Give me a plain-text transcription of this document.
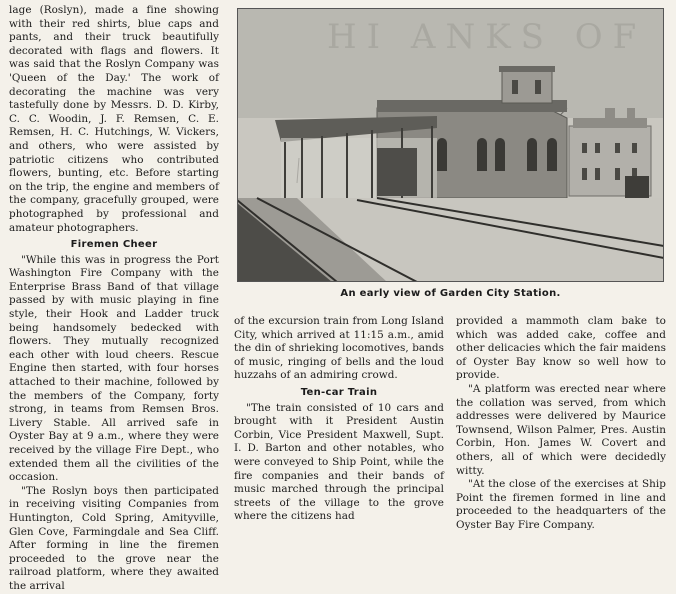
lage (Roslyn), made a fine showing with their red shirts, blue caps and pants, and their truck beautifully decorated with flags and flowers. It was said that the Roslyn Company was 'Queen of the Day.' The work of decorating the machine was very tastefully done by Messrs. D. D. Kirby, C. C. Woodin, J. F. Remsen, C. E. Remsen, H. C. Hutchings, W. Vickers, and others, who were assisted by patriotic citizens who contributed flowers, bunting, etc. Before starting on the trip, the engine and members of the company, gracefully grouped, were photographed by professional and amateur photographers.

Firemen Cheer

"While this was in progress the Port Washington Fire Company with the Enterprise Brass Band of that village passed by with music playing in fine style, their Hook and Ladder truck being handsomely bedecked with flowers. They mutually recognized each other with loud cheers. Rescue Engine then started, with four horses attached to their machine, followed by the members of the Company, forty strong, in teams from Remsen Bros. Livery Stable. All arrived safe in Oyster Bay at 9 a.m., where they were received by the village Fire Dept., who extended them all the civilities of the occasion.

"The Roslyn boys then participated in receiving visiting Companies from Huntington, Cold Spring, Amityville, Glen Cove, Farmingdale and Sea Cliff. After forming in line the firemen proceeded to the grove near the railroad platform, where they awaited the arrival

HI ANKS OF
An early view of Garden City Station.

of the excursion train from Long Island City, which arrived at 11:15 a.m., amid the din of shrieking locomotives, bands of music, ringing of bells and the loud huzzahs of an admiring crowd.

Ten-car Train

"The train consisted of 10 cars and brought with it President Austin Corbin, Vice President Maxwell, Supt. I. D. Barton and other notables, who were conveyed to Ship Point, while the fire companies and their bands of music marched through the principal streets of the village to the grove where the citizens had

provided a mammoth clam bake to which was added cake, coffee and other delicacies which the fair maidens of Oyster Bay know so well how to provide.

"A platform was erected near where the collation was served, from which addresses were delivered by Maurice Townsend, Wilson Palmer, Pres. Austin Corbin, Hon. James W. Covert and others, all of which were decidedly witty.

"At the close of the exercises at Ship Point the firemen formed in line and proceeded to the headquarters of the Oyster Bay Fire Company.
